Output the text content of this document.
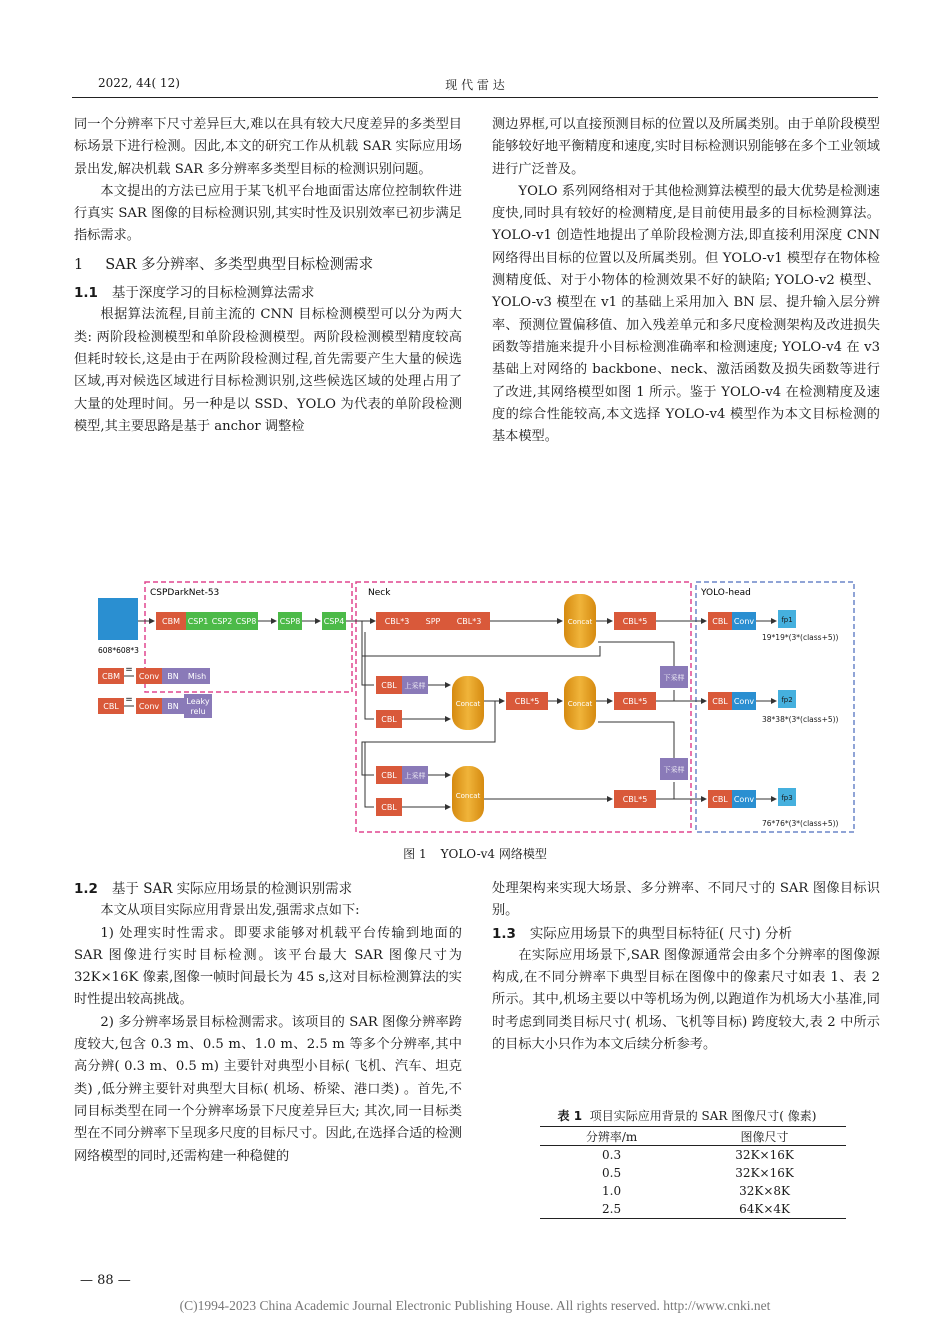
2022, 44( 12)	现 代 雷 达

同一个分辨率下尺寸差异巨大,难以在具有较大尺度差异的多类型目标场景下进行检测。因此,本文的研究工作从机载 SAR 实际应用场景出发,解决机载 SAR 多分辨率多类型目标的检测识别问题。

本文提出的方法已应用于某飞机平台地面雷达席位控制软件进行真实 SAR 图像的目标检测识别,其实时性及识别效率已初步满足指标需求。

1 SAR 多分辨率、多类型典型目标检测需求

1.1 基于深度学习的目标检测算法需求

根据算法流程,目前主流的 CNN 目标检测模型可以分为两大类: 两阶段检测模型和单阶段检测模型。两阶段检测模型精度较高但耗时较长,这是由于在两阶段检测过程,首先需要产生大量的候选区域,再对候选区域进行目标检测识别,这些候选区域的处理占用了大量的处理时间。另一种是以 SSD、YOLO 为代表的单阶段检测模型,其主要思路是基于 anchor 调整检

测边界框,可以直接预测目标的位置以及所属类别。由于单阶段模型能够较好地平衡精度和速度,实时目标检测识别能够在多个工业领域进行广泛普及。

YOLO 系列网络相对于其他检测算法模型的最大优势是检测速度快,同时具有较好的检测精度,是目前使用最多的目标检测算法。YOLO-v1 创造性地提出了单阶段检测方法,即直接利用深度 CNN 网络得出目标的位置以及所属类别。但 YOLO-v1 模型存在物体检测精度低、对于小物体的检测效果不好的缺陷; YOLO-v2 模型、YOLO-v3 模型在 v1 的基础上采用加入 BN 层、提升输入层分辨率、预测位置偏移值、加入残差单元和多尺度检测架构及改进损失函数等措施来提升小目标检测准确率和检测速度; YOLO-v4 在 v3 基础上对网络的 backbone、neck、激活函数及损失函数等进行了改进,其网络模型如图 1 所示。鉴于 YOLO-v4 在检测精度及速度的综合性能较高,本文选择 YOLO-v4 模型作为本文目标检测的基本模型。

CSPDarkNet-53	Neck	YOLO-head
608*608*3
CBM CSP1 CSP2 CSP8	CSP8	CSP4
CBM
=
Conv BN Mish
CBL
=
Conv BN
Leaky
relu
CBL*3 SPP CBL*3	Concat	CBL*5
CBL 上采样
CBL
Concat	CBL*5	Concat	CBL*5
下采样
CBL 上采样
CBL
Concat	CBL*5
下采样
CBL Conv
CBL Conv
CBL Conv
fp1
fp2
fp3
19*19*(3*(class+5))
38*38*(3*(class+5))
76*76*(3*(class+5))
图 1 YOLO-v4 网络模型

1.2 基于 SAR 实际应用场景的检测识别需求

本文从项目实际应用背景出发,强需求点如下:

1) 处理实时性需求。即要求能够对机载平台传输到地面的 SAR 图像进行实时目标检测。该平台最大 SAR 图像尺寸为 32K×16K 像素,图像一帧时间最长为 45 s,这对目标检测算法的实时性提出较高挑战。

2) 多分辨率场景目标检测需求。该项目的 SAR 图像分辨率跨度较大,包含 0.3 m、0.5 m、1.0 m、2.5 m 等多个分辨率,其中高分辨( 0.3 m、0.5 m) 主要针对典型小目标( 飞机、汽车、坦克类) ,低分辨主要针对典型大目标( 机场、桥梁、港口类) 。首先,不同目标类型在同一个分辨率场景下尺度差异巨大; 其次,同一目标类型在不同分辨率下呈现多尺度的目标尺寸。因此,在选择合适的检测网络模型的同时,还需构建一种稳健的

处理架构来实现大场景、多分辨率、不同尺寸的 SAR 图像目标识别。

1.3 实际应用场景下的典型目标特征( 尺寸) 分析

在实际应用场景下,SAR 图像源通常会由多个分辨率的图像源构成,在不同分辨率下典型目标在图像中的像素尺寸如表 1、表 2 所示。其中,机场主要以中等机场为例,以跑道作为机场大小基准,同时考虑到同类目标尺寸( 机场、飞机等目标) 跨度较大,表 2 中所示的目标大小只作为本文后续分析参考。

表 1 项目实际应用背景的 SAR 图像尺寸( 像素)
分辨率/m	图像尺寸
0.3	32K×16K
0.5	32K×16K
1.0	32K×8K
2.5	64K×4K
— 88 —
(C)1994-2023 China Academic Journal Electronic Publishing House. All rights reserved. http://www.cnki.net
